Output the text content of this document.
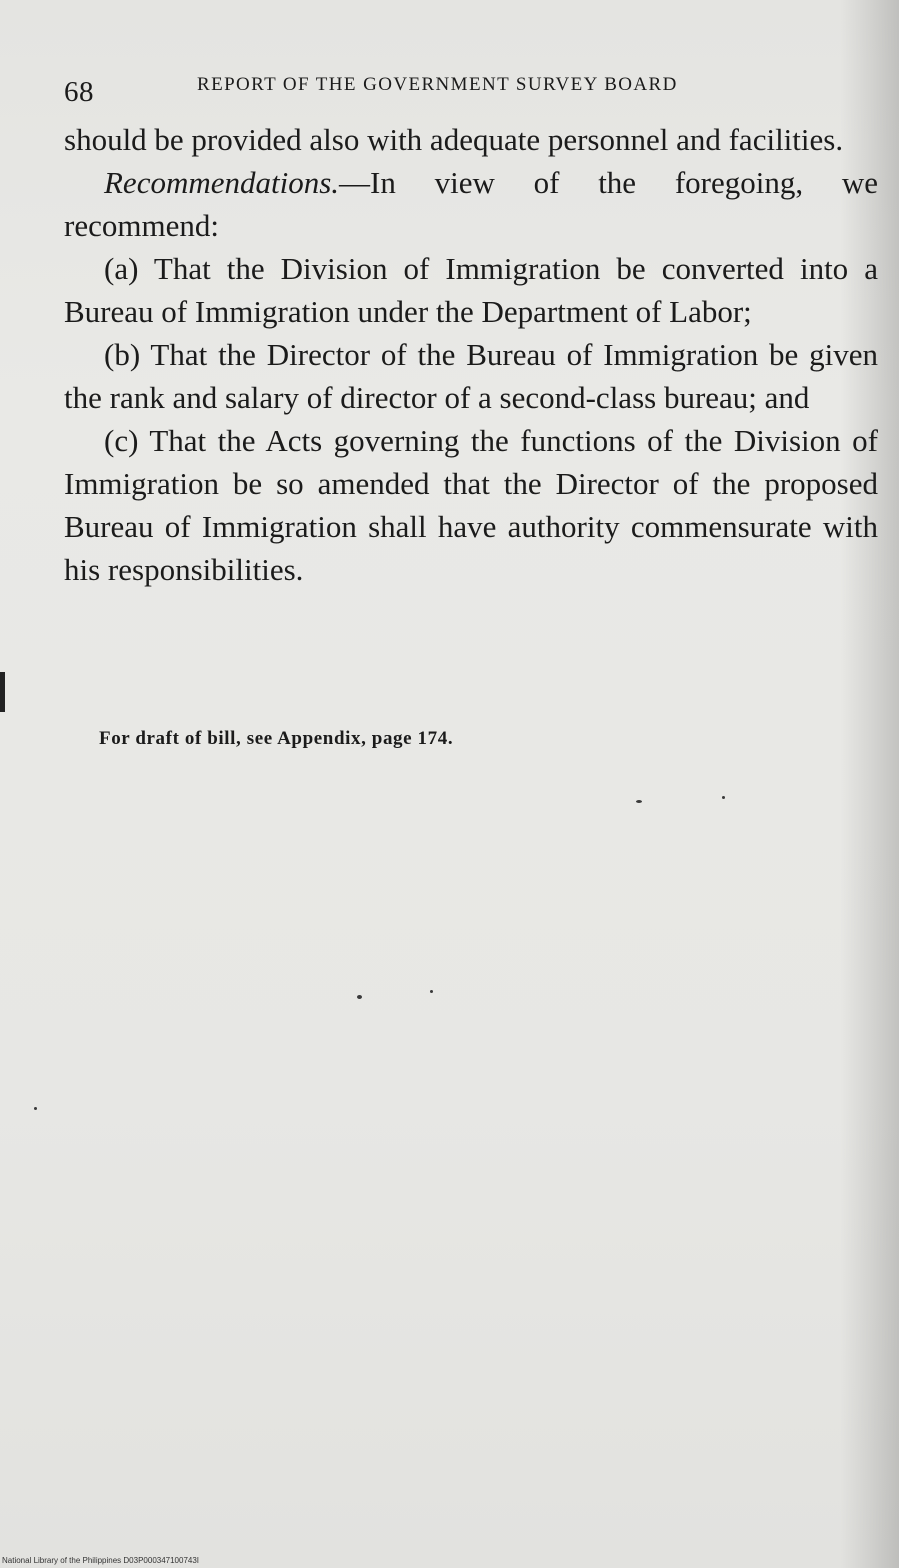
68	REPORT OF THE GOVERNMENT SURVEY BOARD

should be provided also with adequate personnel and facilities.

Recommendations.—In view of the foregoing, we recommend:

(a) That the Division of Immigration be converted into a Bureau of Immigration under the Department of Labor;

(b) That the Director of the Bureau of Immigration be given the rank and salary of director of a second-class bureau; and

(c) That the Acts governing the functions of the Division of Immigration be so amended that the Director of the proposed Bureau of Immigration shall have authority commensurate with his responsibilities.

For draft of bill, see Appendix, page 174.
National Library of the Philippines D03P000347100743I
